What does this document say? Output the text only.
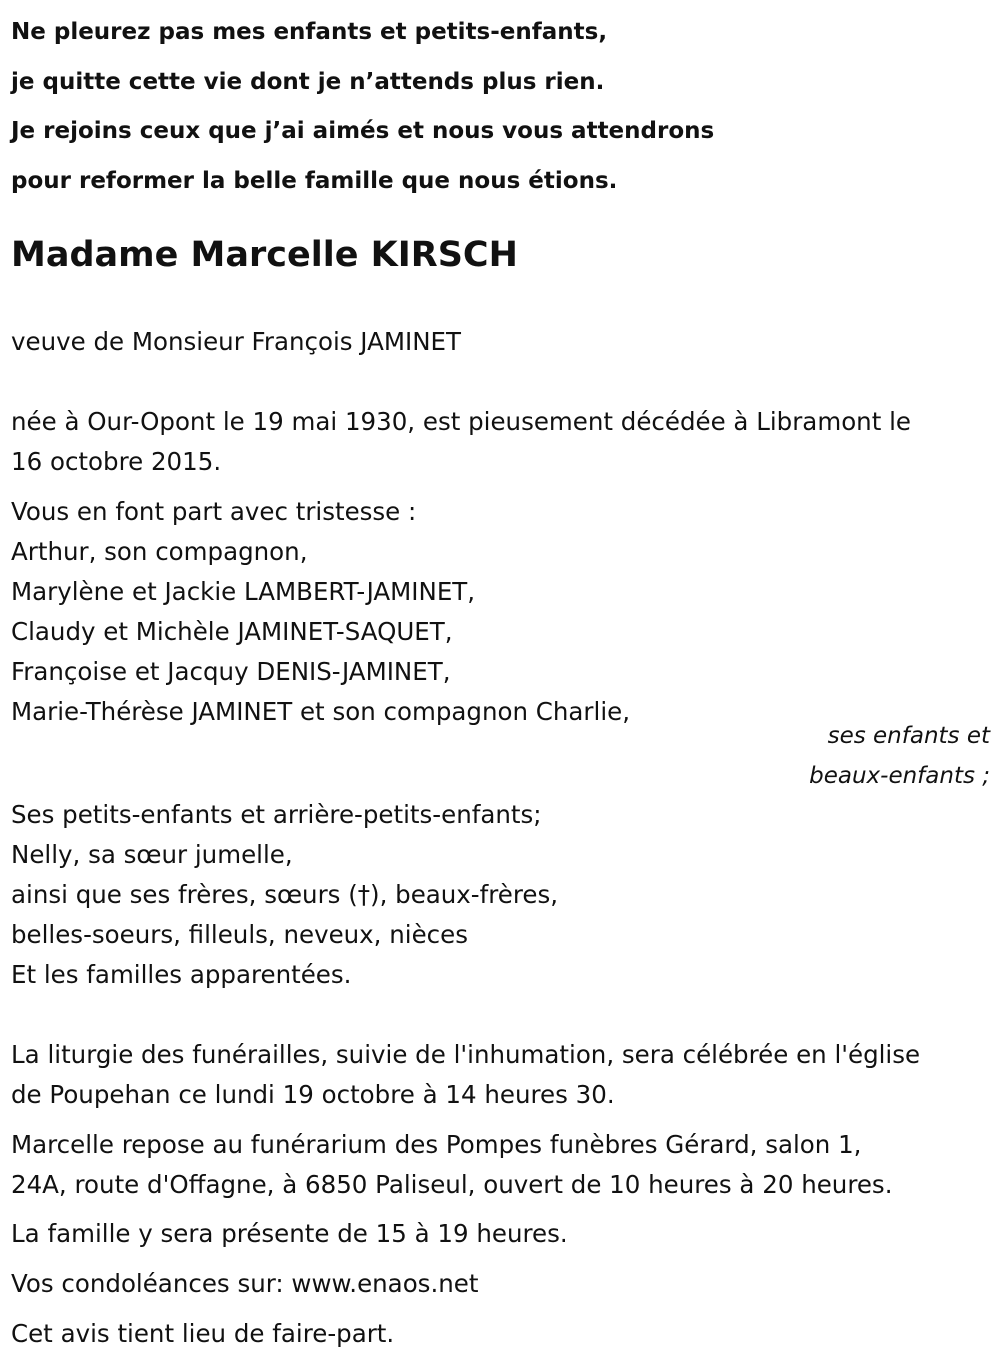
Ne pleurez pas mes enfants et petits-enfants,
je quitte cette vie dont je n’attends plus rien.
Je rejoins ceux que j’ai aimés et nous vous attendrons
pour reformer la belle famille que nous étions.
Madame Marcelle KIRSCH
veuve de Monsieur François JAMINET
née à Our-Opont le 19 mai 1930, est pieusement décédée à Libramont le
16 octobre 2015.
Vous en font part avec tristesse :
Arthur, son compagnon,
Marylène et Jackie LAMBERT-JAMINET,
Claudy et Michèle JAMINET-SAQUET,
Françoise et Jacquy DENIS-JAMINET,
Marie-Thérèse JAMINET et son compagnon Charlie,
ses enfants et
beaux-enfants ;
Ses petits-enfants et arrière-petits-enfants;
Nelly, sa sœur jumelle,
ainsi que ses frères, sœurs (†), beaux-frères,
belles-soeurs, filleuls, neveux, nièces
Et les familles apparentées.
La liturgie des funérailles, suivie de l'inhumation, sera célébrée en l'église
de Poupehan ce lundi 19 octobre à 14 heures 30.
Marcelle repose au funérarium des Pompes funèbres Gérard, salon 1,
24A, route d'Offagne, à 6850 Paliseul, ouvert de 10 heures à 20 heures.
La famille y sera présente de 15 à 19 heures.
Vos condoléances sur: www.enaos.net
Cet avis tient lieu de faire-part.
